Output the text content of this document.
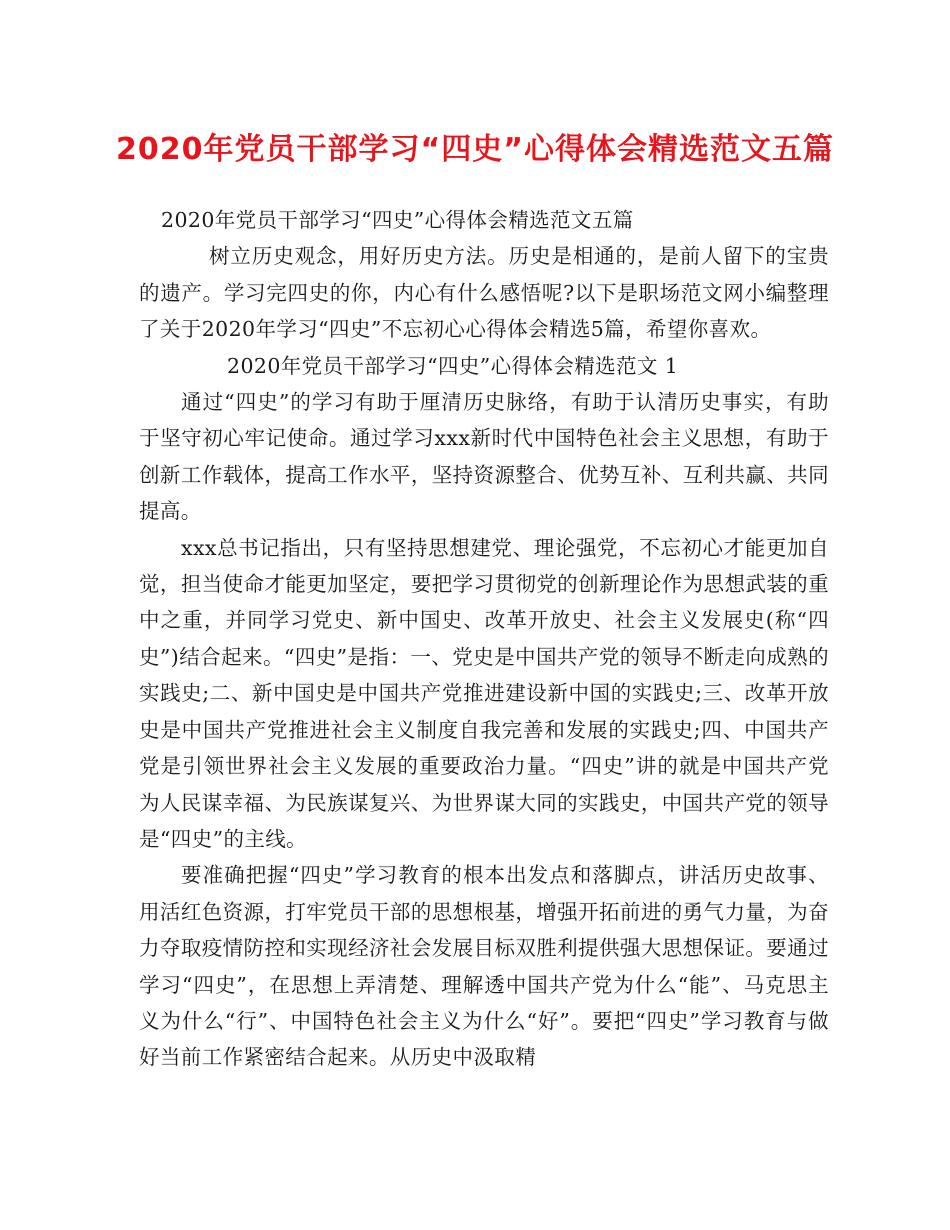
2020年党员干部学习“四史”心得体会精选范文五篇

2020年党员干部学习“四史”心得体会精选范文五篇

树立历史观念，用好历史方法。历史是相通的，是前人留下的宝贵的遗产。学习完四史的你，内心有什么感悟呢?以下是职场范文网小编整理了关于2020年学习“四史”不忘初心心得体会精选5篇，希望你喜欢。

2020年党员干部学习“四史”心得体会精选范文 1

通过“四史”的学习有助于厘清历史脉络，有助于认清历史事实，有助于坚守初心牢记使命。通过学习xxx新时代中国特色社会主义思想，有助于创新工作载体，提高工作水平，坚持资源整合、优势互补、互利共赢、共同提高。

xxx总书记指出，只有坚持思想建党、理论强党，不忘初心才能更加自觉，担当使命才能更加坚定，要把学习贯彻党的创新理论作为思想武装的重中之重，并同学习党史、新中国史、改革开放史、社会主义发展史(称“四史”)结合起来。“四史”是指：一、党史是中国共产党的领导不断走向成熟的实践史;二、新中国史是中国共产党推进建设新中国的实践史;三、改革开放史是中国共产党推进社会主义制度自我完善和发展的实践史;四、中国共产党是引领世界社会主义发展的重要政治力量。“四史”讲的就是中国共产党为人民谋幸福、为民族谋复兴、为世界谋大同的实践史，中国共产党的领导是“四史”的主线。

要准确把握“四史”学习教育的根本出发点和落脚点，讲活历史故事、用活红色资源，打牢党员干部的思想根基，增强开拓前进的勇气力量，为奋力夺取疫情防控和实现经济社会发展目标双胜利提供强大思想保证。要通过学习“四史”，在思想上弄清楚、理解透中国共产党为什么“能”、马克思主义为什么“行”、中国特色社会主义为什么“好”。要把“四史”学习教育与做好当前工作紧密结合起来。从历史中汲取精
